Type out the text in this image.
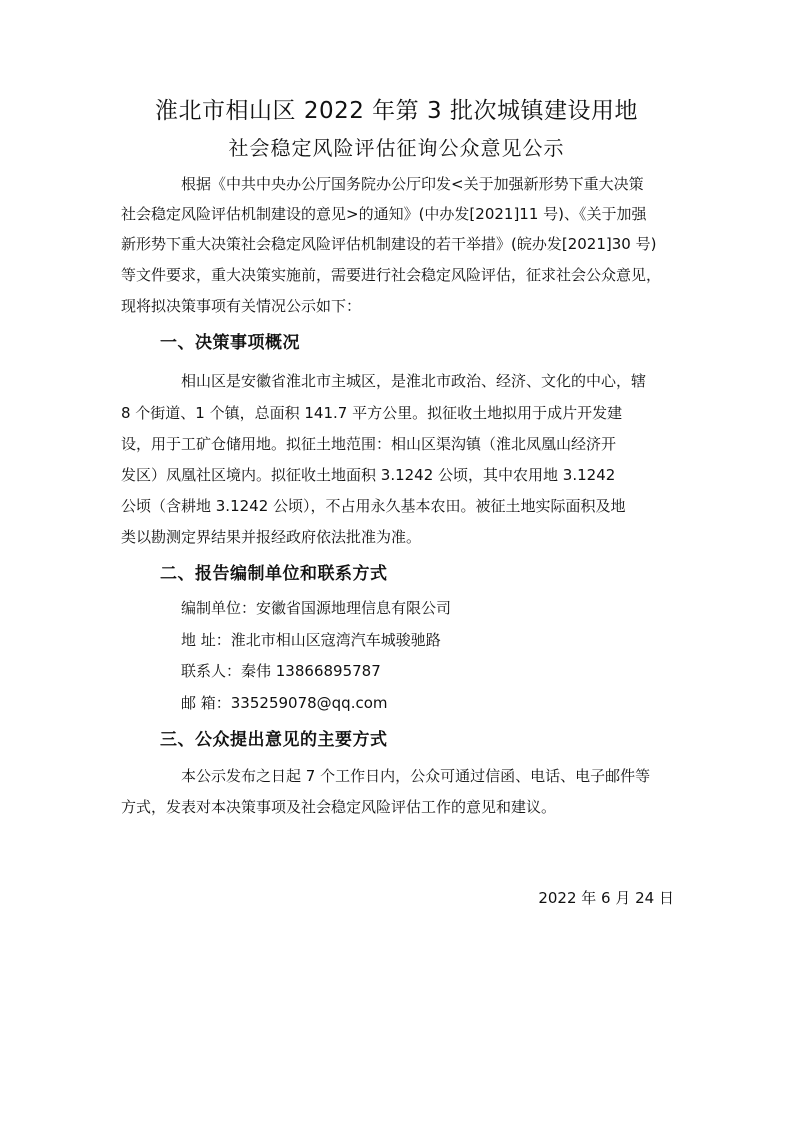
淮北市相山区 2022 年第 3 批次城镇建设用地
社会稳定风险评估征询公众意见公示
根据《中共中央办公厅国务院办公厅印发<关于加强新形势下重大决策
社会稳定风险评估机制建设的意见>的通知》(中办发[2021]11 号)、《关于加强
新形势下重大决策社会稳定风险评估机制建设的若干举措》(皖办发[2021]30 号)
等文件要求，重大决策实施前，需要进行社会稳定风险评估，征求社会公众意见，
现将拟决策事项有关情况公示如下：
一、决策事项概况
相山区是安徽省淮北市主城区，是淮北市政治、经济、文化的中心，辖
8 个街道、1 个镇，总面积 141.7 平方公里。拟征收土地拟用于成片开发建
设，用于工矿仓储用地。拟征土地范围：相山区渠沟镇（淮北凤凰山经济开
发区）凤凰社区境内。拟征收土地面积 3.1242 公顷，其中农用地 3.1242
公顷（含耕地 3.1242 公顷），不占用永久基本农田。被征土地实际面积及地
类以勘测定界结果并报经政府依法批准为准。
二、报告编制单位和联系方式
编制单位：安徽省国源地理信息有限公司
地 址：淮北市相山区寇湾汽车城骏驰路
联系人：秦伟 13866895787
邮 箱：335259078@qq.com
三、公众提出意见的主要方式
本公示发布之日起 7 个工作日内，公众可通过信函、电话、电子邮件等
方式，发表对本决策事项及社会稳定风险评估工作的意见和建议。
2022 年 6 月 24 日
